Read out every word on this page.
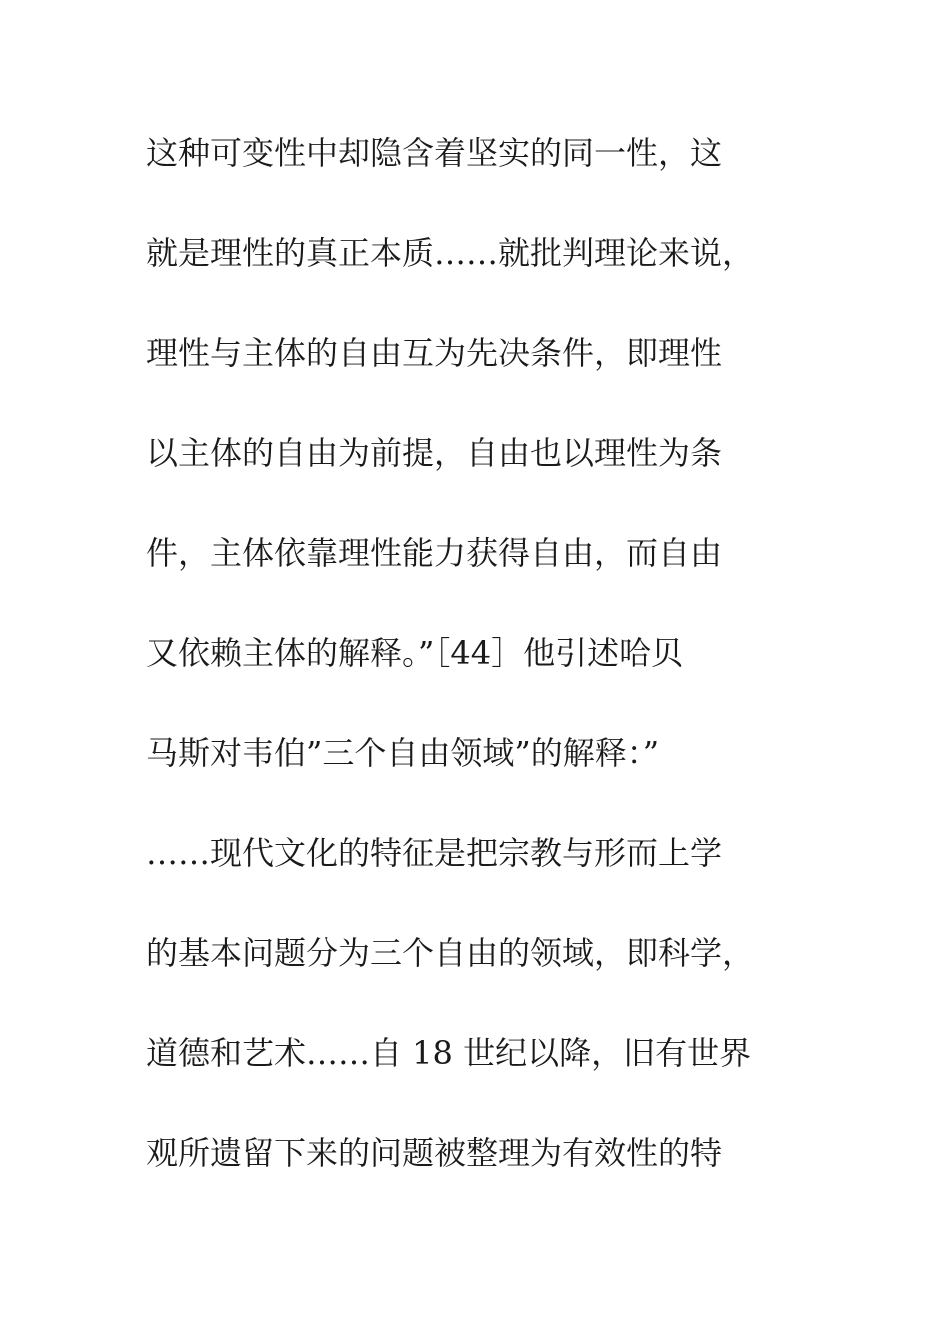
这种可变性中却隐含着坚实的同一性，这
就是理性的真正本质……就批判理论来说，
理性与主体的自由互为先决条件，即理性
以主体的自由为前提，自由也以理性为条
件，主体依靠理性能力获得自由，而自由
又依赖主体的解释。”［44］他引述哈贝
马斯对韦伯”三个自由领域”的解释：”
……现代文化的特征是把宗教与形而上学
的基本问题分为三个自由的领域，即科学，
道德和艺术……自 18 世纪以降，旧有世界
观所遗留下来的问题被整理为有效性的特
